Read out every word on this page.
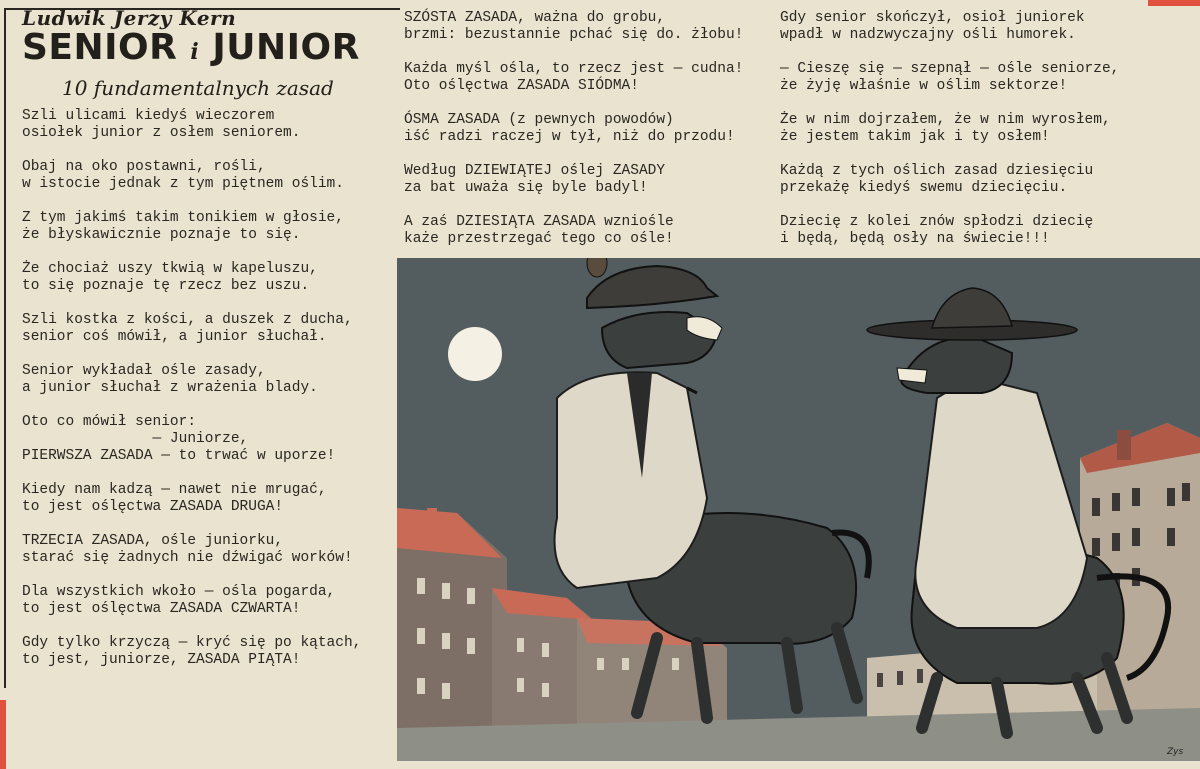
Ludwik Jerzy Kern
SENIOR i JUNIOR
10 fundamentalnych zasad
Szli ulicami kiedyś wieczorem
osiołek junior z osłem seniorem.
Obaj na oko postawni, rośli,
w istocie jednak z tym piętnem oślim.
Z tym jakimś takim tonikiem w głosie,
że błyskawicznie poznaje to się.
Że chociaż uszy tkwią w kapeluszu,
to się poznaje tę rzecz bez uszu.
Szli kostka z kości, a duszek z ducha,
senior coś mówił, a junior słuchał.
Senior wykładał ośle zasady,
a junior słuchał z wrażenia blady.
Oto co mówił senior:
— Juniorze,
PIERWSZA ZASADA — to trwać w uporze!
Kiedy nam kadzą — nawet nie mrugać,
to jest oślęctwa ZASADA DRUGA!
TRZECIA ZASADA, ośle juniorku,
starać się żadnych nie dźwigać worków!
Dla wszystkich wkoło — ośla pogarda,
to jest oślęctwa ZASADA CZWARTA!
Gdy tylko krzyczą — kryć się po kątach,
to jest, juniorze, ZASADA PIĄTA!
SZÓSTA ZASADA, ważna do grobu,
brzmi: bezustannie pchać się do. żłobu!
Każda myśl ośla, to rzecz jest — cudna!
Oto oślęctwa ZASADA SIÓDMA!
ÓSMA ZASADA (z pewnych powodów)
iść radzi raczej w tył, niż do przodu!
Według DZIEWIĄTEJ oślej ZASADY
za bat uważa się byle badyl!
A zaś DZIESIĄTA ZASADA wzniośle
każe przestrzegać tego co ośle!
Gdy senior skończył, osioł juniorek
wpadł w nadzwyczajny ośli humorek.
— Cieszę się — szepnął — ośle seniorze,
że żyję właśnie w oślim sektorze!
Że w nim dojrzałem, że w nim wyrosłem,
że jestem takim jak i ty osłem!
Każdą z tych oślich zasad dziesięciu
przekażę kiedyś swemu dziecięciu.
Dziecię z kolei znów spłodzi dziecię
i będą, będą osły na świecie!!!
Zys
